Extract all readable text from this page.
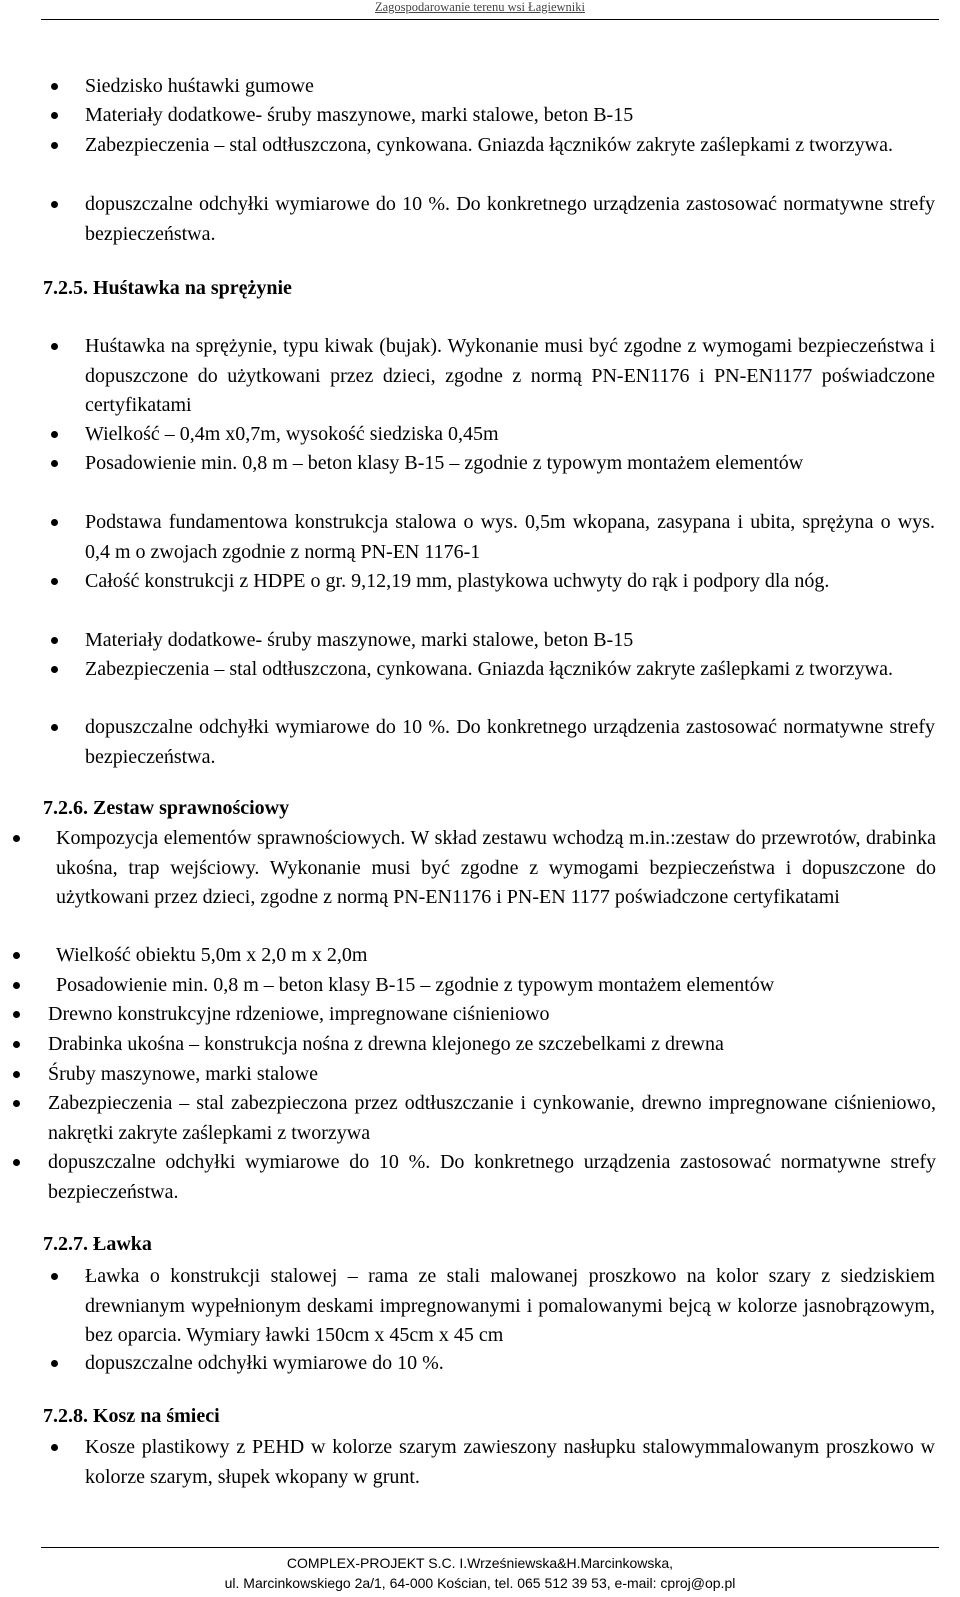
Zagospodarowanie terenu wsi Łagiewniki
Siedzisko huśtawki gumowe
Materiały dodatkowe- śruby maszynowe, marki stalowe, beton B-15
Zabezpieczenia – stal odtłuszczona, cynkowana. Gniazda łączników zakryte zaślepkami z tworzywa.
dopuszczalne odchyłki wymiarowe do 10 %. Do konkretnego urządzenia zastosować normatywne strefy bezpieczeństwa.
7.2.5. Huśtawka na sprężynie
Huśtawka na sprężynie, typu kiwak (bujak). Wykonanie musi być zgodne z wymogami bezpieczeństwa i dopuszczone do użytkowani przez dzieci, zgodne z normą PN-EN1176 i PN-EN1177 poświadczone certyfikatami
Wielkość – 0,4m x0,7m, wysokość siedziska 0,45m
Posadowienie min. 0,8 m – beton klasy B-15 – zgodnie z typowym montażem elementów
Podstawa fundamentowa konstrukcja stalowa o wys. 0,5m wkopana, zasypana i ubita, sprężyna o wys. 0,4 m o zwojach zgodnie z normą PN-EN 1176-1
Całość konstrukcji z HDPE o gr. 9,12,19 mm, plastykowa uchwyty do rąk i podpory dla nóg.
Materiały dodatkowe- śruby maszynowe, marki stalowe, beton B-15
Zabezpieczenia – stal odtłuszczona, cynkowana. Gniazda łączników zakryte zaślepkami z tworzywa.
dopuszczalne odchyłki wymiarowe do 10 %. Do konkretnego urządzenia zastosować normatywne strefy bezpieczeństwa.
7.2.6. Zestaw sprawnościowy
Kompozycja elementów sprawnościowych. W skład zestawu wchodzą m.in.:zestaw do przewrotów, drabinka ukośna, trap wejściowy. Wykonanie musi być zgodne z wymogami bezpieczeństwa i dopuszczone do użytkowani przez dzieci, zgodne z normą PN-EN1176 i PN-EN 1177 poświadczone certyfikatami
Wielkość obiektu 5,0m x 2,0 m x 2,0m
Posadowienie min. 0,8 m – beton klasy B-15 – zgodnie z typowym montażem elementów
Drewno konstrukcyjne rdzeniowe, impregnowane ciśnieniowo
Drabinka ukośna – konstrukcja nośna z drewna klejonego ze szczebelkami z drewna
Śruby maszynowe, marki stalowe
Zabezpieczenia – stal zabezpieczona przez odtłuszczanie i cynkowanie, drewno impregnowane ciśnieniowo, nakrętki zakryte zaślepkami z tworzywa
dopuszczalne odchyłki wymiarowe do 10 %. Do konkretnego urządzenia zastosować normatywne strefy bezpieczeństwa.
7.2.7. Ławka
Ławka o konstrukcji stalowej – rama ze stali malowanej proszkowo na kolor szary z siedziskiem drewnianym wypełnionym deskami impregnowanymi i pomalowanymi bejcą w kolorze jasnobrązowym, bez oparcia. Wymiary ławki 150cm x 45cm x 45 cm
dopuszczalne odchyłki wymiarowe do 10 %.
7.2.8. Kosz na śmieci
Kosze plastikowy z PEHD w kolorze szarym zawieszony nasłupku stalowymmalowanym proszkowo w kolorze szarym, słupek wkopany w grunt.
COMPLEX-PROJEKT S.C. I.Wrześniewska&H.Marcinkowska,
ul. Marcinkowskiego 2a/1, 64-000 Kościan, tel. 065 512 39 53, e-mail: cproj@op.pl
